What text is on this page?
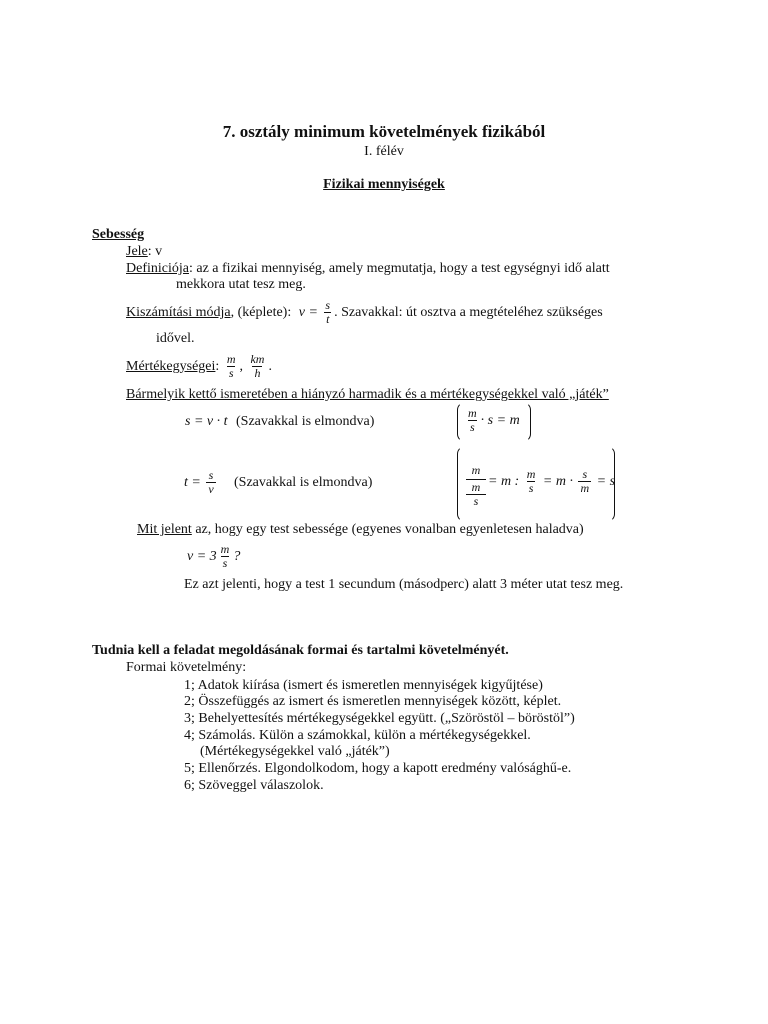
7. osztály minimum követelmények fizikából
I. félév
Fizikai mennyiségek
Sebesség
Jele: v
Definiciója: az a fizikai mennyiség, amely megmutatja, hogy a test egységnyi idő alatt
mekkora utat tesz meg.
Kiszámítási módja, (képlete): $v = \frac{s}{t}$ . Szavakkal: út osztva a megtételéhez szükséges
idővel.
Mértékegységei: $\frac{m}{s}$ , $\frac{km}{h}$ .
Bármelyik kettő ismeretében a hiányzó harmadik és a mértékegységekkel való „játék”
s = v · t (Szavakkal is elmondva)	$\frac{m}{s} \cdot s = m$
$t = \frac{s}{v}$ (Szavakkal is elmondva)
m
m
s
= m : $\frac{m}{s} = m \cdot \frac{s}{m} = s$
Mit jelent az, hogy egy test sebessége (egyenes vonalban egyenletesen haladva)
$v = 3 \frac{m}{s}$ ?
Ez azt jelenti, hogy a test 1 secundum (másodperc) alatt 3 méter utat tesz meg.
Tudnia kell a feladat megoldásának formai és tartalmi követelményét.
Formai követelmény:
1; Adatok kiírása (ismert és ismeretlen mennyiségek kigyűjtése)
2; Összefüggés az ismert és ismeretlen mennyiségek között, képlet.
3; Behelyettesítés mértékegységekkel együtt. („Szöröstöl – böröstöl”)
4; Számolás. Külön a számokkal, külön a mértékegységekkel.
(Mértékegységekkel való „játék”)
5; Ellenőrzés. Elgondolkodom, hogy a kapott eredmény valósághű-e.
6; Szöveggel válaszolok.
